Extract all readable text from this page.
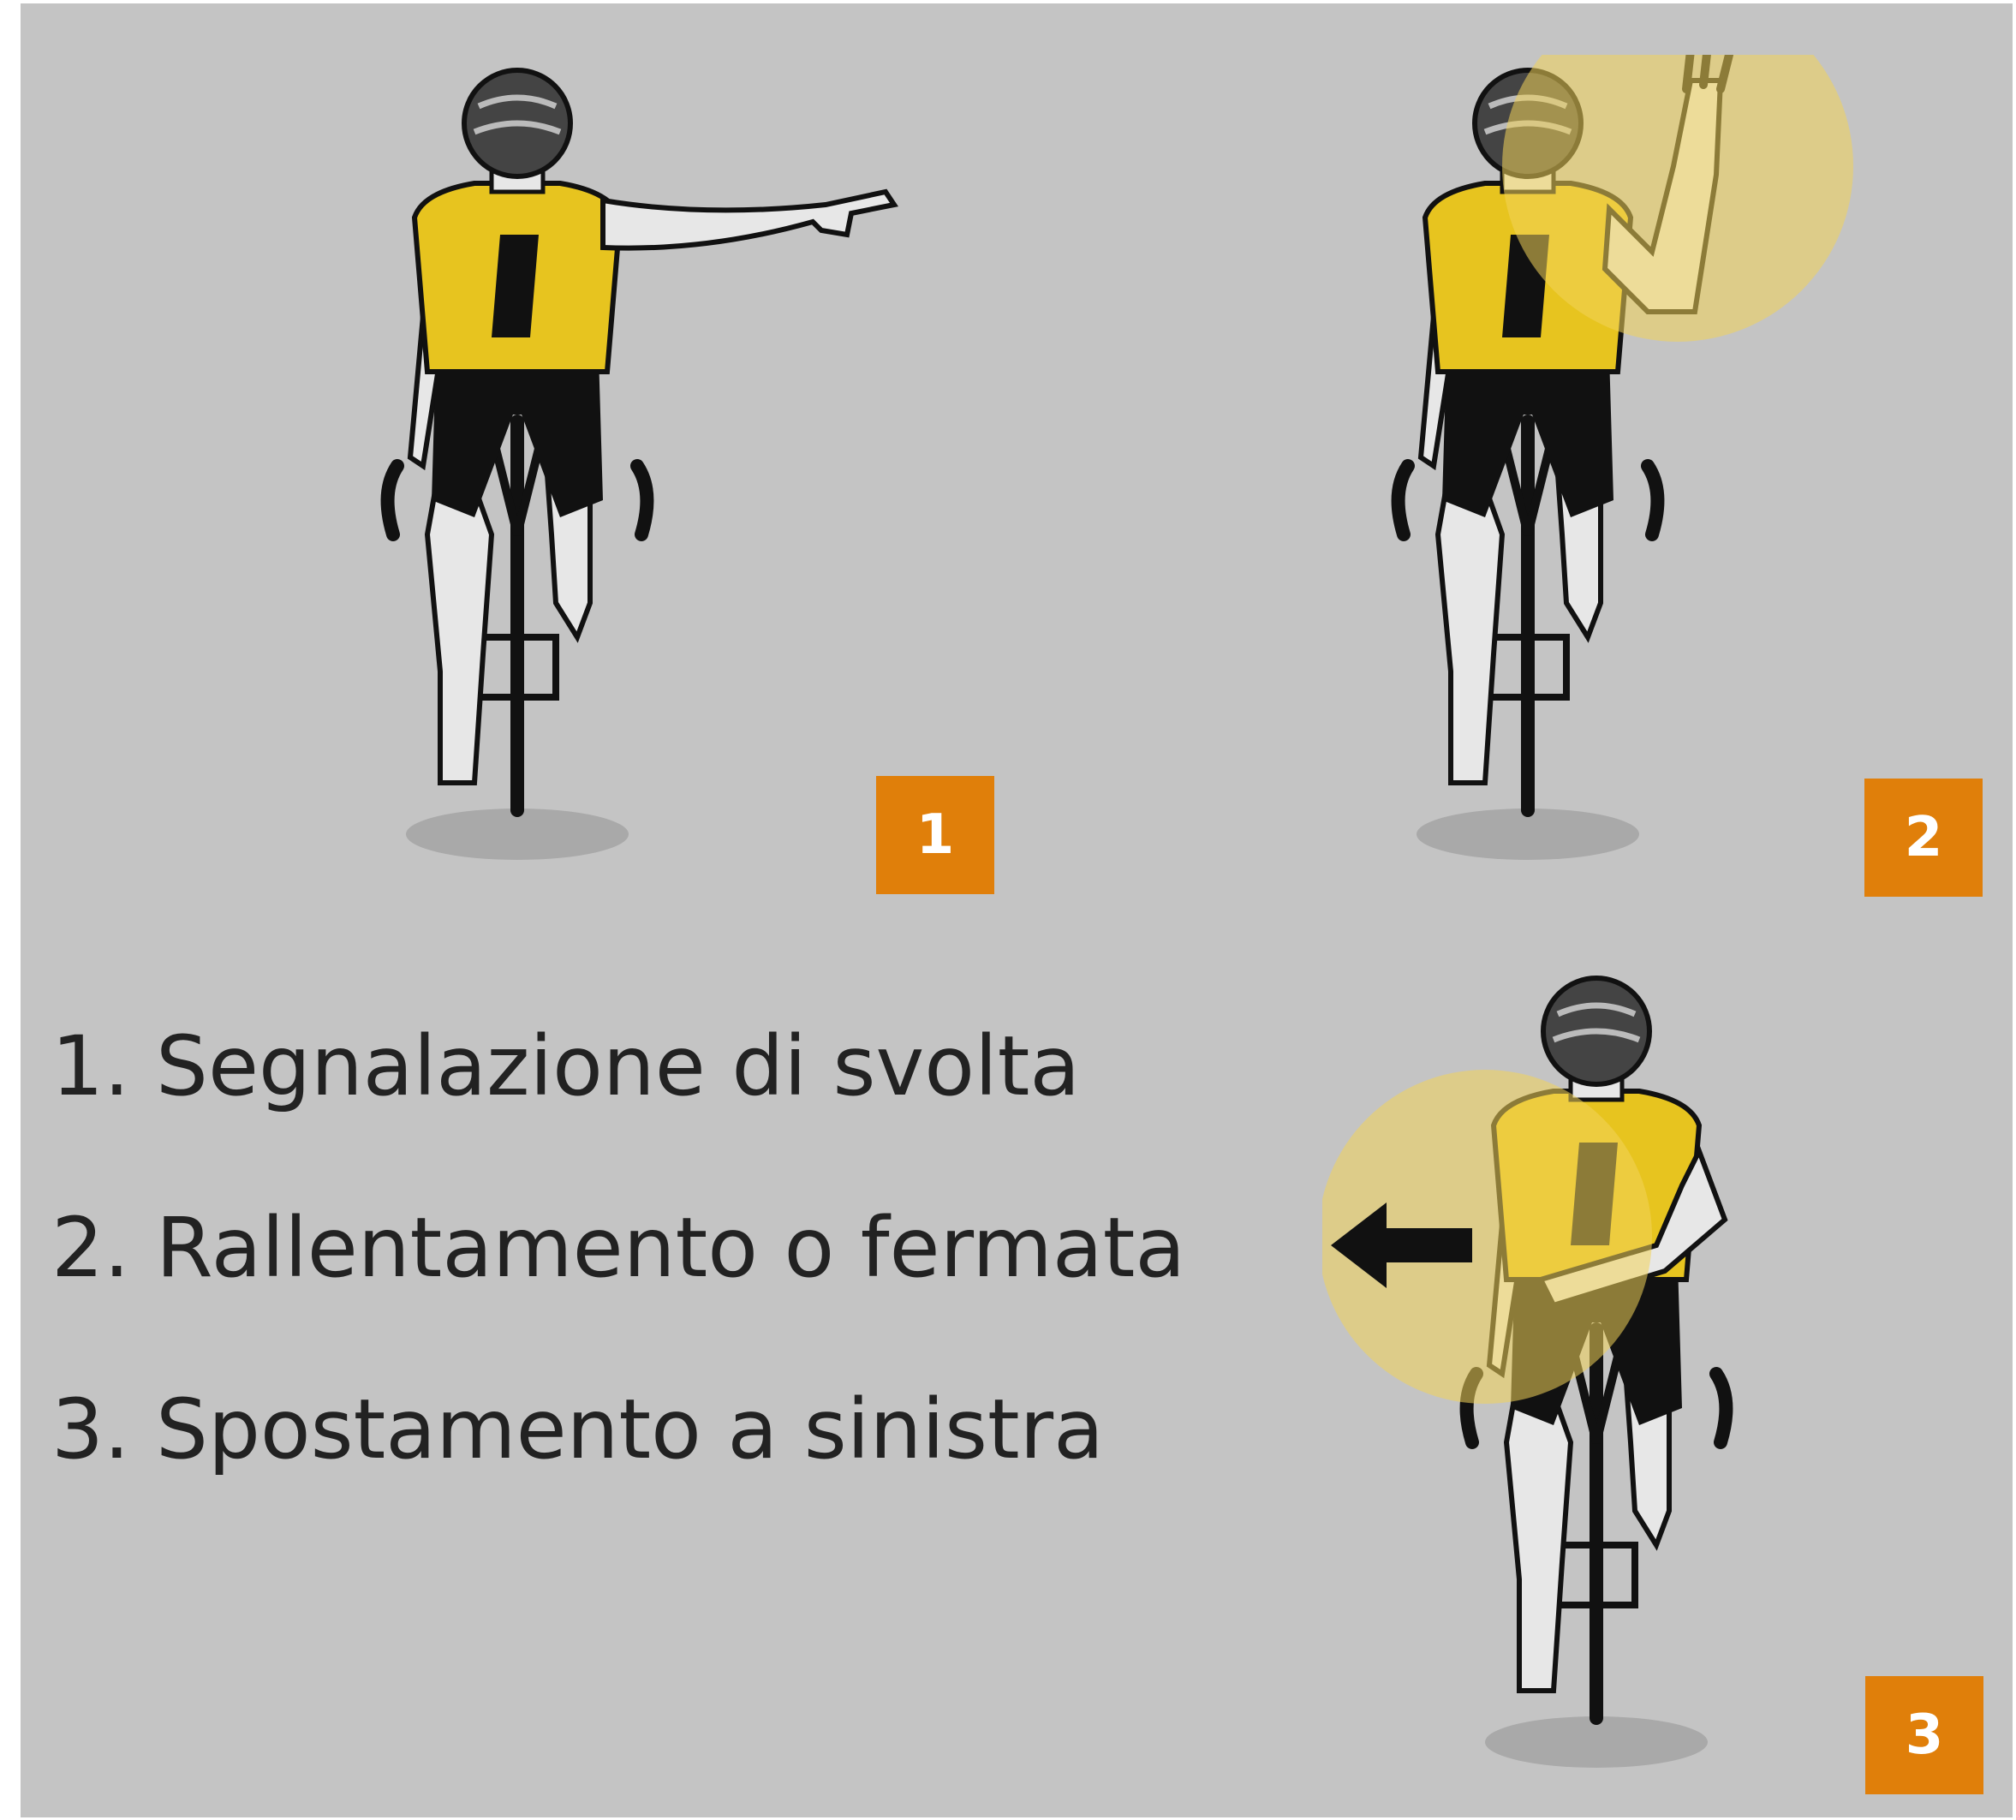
1	2
3
1. Segnalazione di svolta
2. Rallentamento o fermata
3. Spostamento a sinistra
